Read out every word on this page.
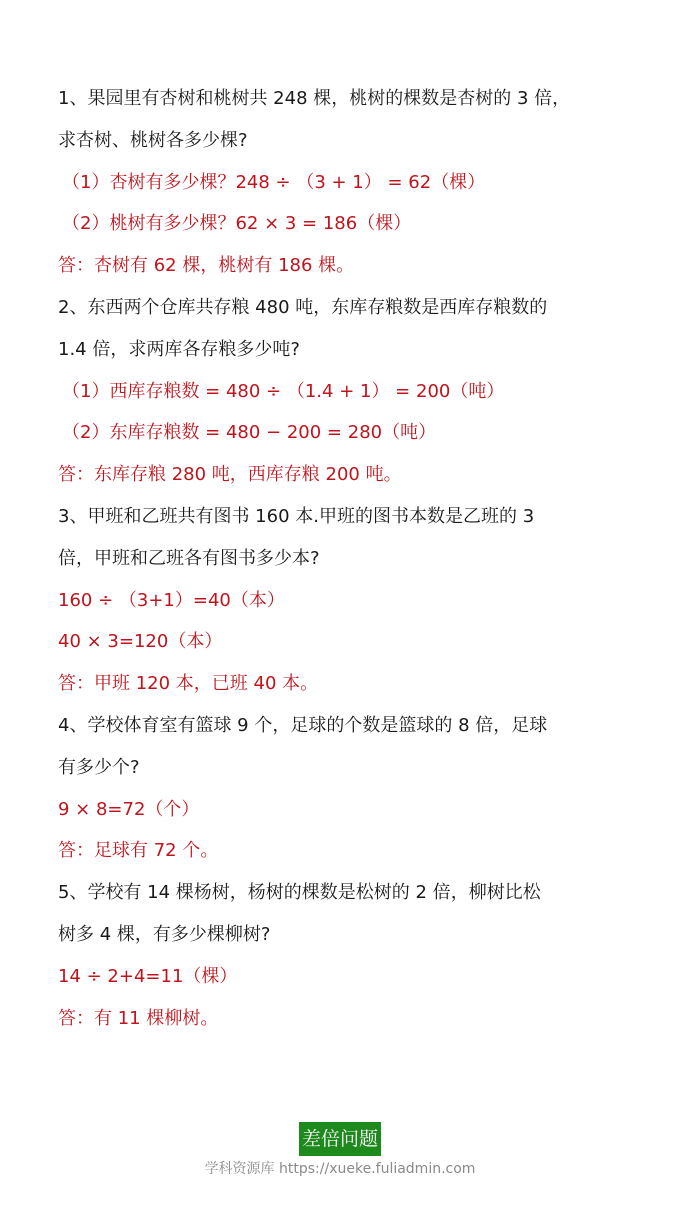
1、果园里有杏树和桃树共 248 棵，桃树的棵数是杏树的 3 倍，
求杏树、桃树各多少棵?
（1）杏树有多少棵？248 ÷ （3 + 1） = 62（棵）
（2）桃树有多少棵？62 × 3 = 186（棵）
答：杏树有 62 棵，桃树有 186 棵。
2、东西两个仓库共存粮 480 吨，东库存粮数是西库存粮数的
1.4 倍，求两库各存粮多少吨?
（1）西库存粮数 = 480 ÷ （1.4 + 1） = 200（吨）
（2）东库存粮数 = 480 − 200 = 280（吨）
答：东库存粮 280 吨，西库存粮 200 吨。
3、甲班和乙班共有图书 160 本.甲班的图书本数是乙班的 3
倍，甲班和乙班各有图书多少本?
160 ÷ （3+1）=40（本）
40 × 3=120（本）
答：甲班 120 本，已班 40 本。
4、学校体育室有篮球 9 个，足球的个数是篮球的 8 倍，足球
有多少个?
9 × 8=72（个）
答：足球有 72 个。
5、学校有 14 棵杨树，杨树的棵数是松树的 2 倍，柳树比松
树多 4 棵，有多少棵柳树?
14 ÷ 2+4=11（棵）
答：有 11 棵柳树。
差倍问题
学科资源库 https://xueke.fuliadmin.com
